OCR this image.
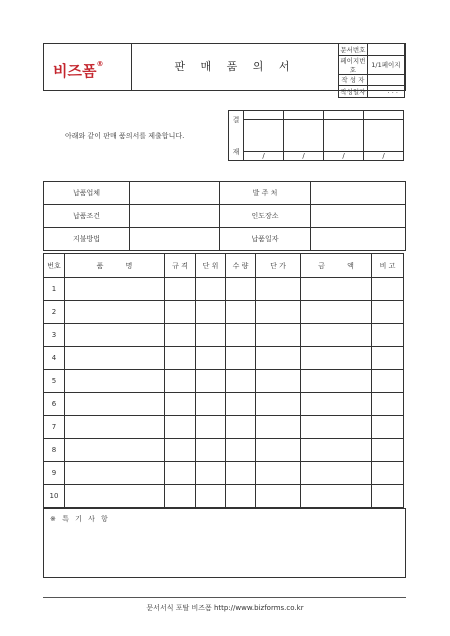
비즈폼®	판 매 품 의 서
문서번호	
페이지번호	1/1페이지
작 성 자	
작성일자	. . .
아래와 같이 판매 품의서를 제출합니다.
결

재				

	/	/	/	/
납품업체		발 주 처	
납품조건		인도장소	
지불방법		납품일자	
번호	품          명	규 격	단 위	수 량	단 가	금          액	비 고
1							
2							
3							
4							
5							
6							
7							
8							
9							
10							
※ 특 기 사 항
문서서식 포탈 비즈폼 http://www.bizforms.co.kr
